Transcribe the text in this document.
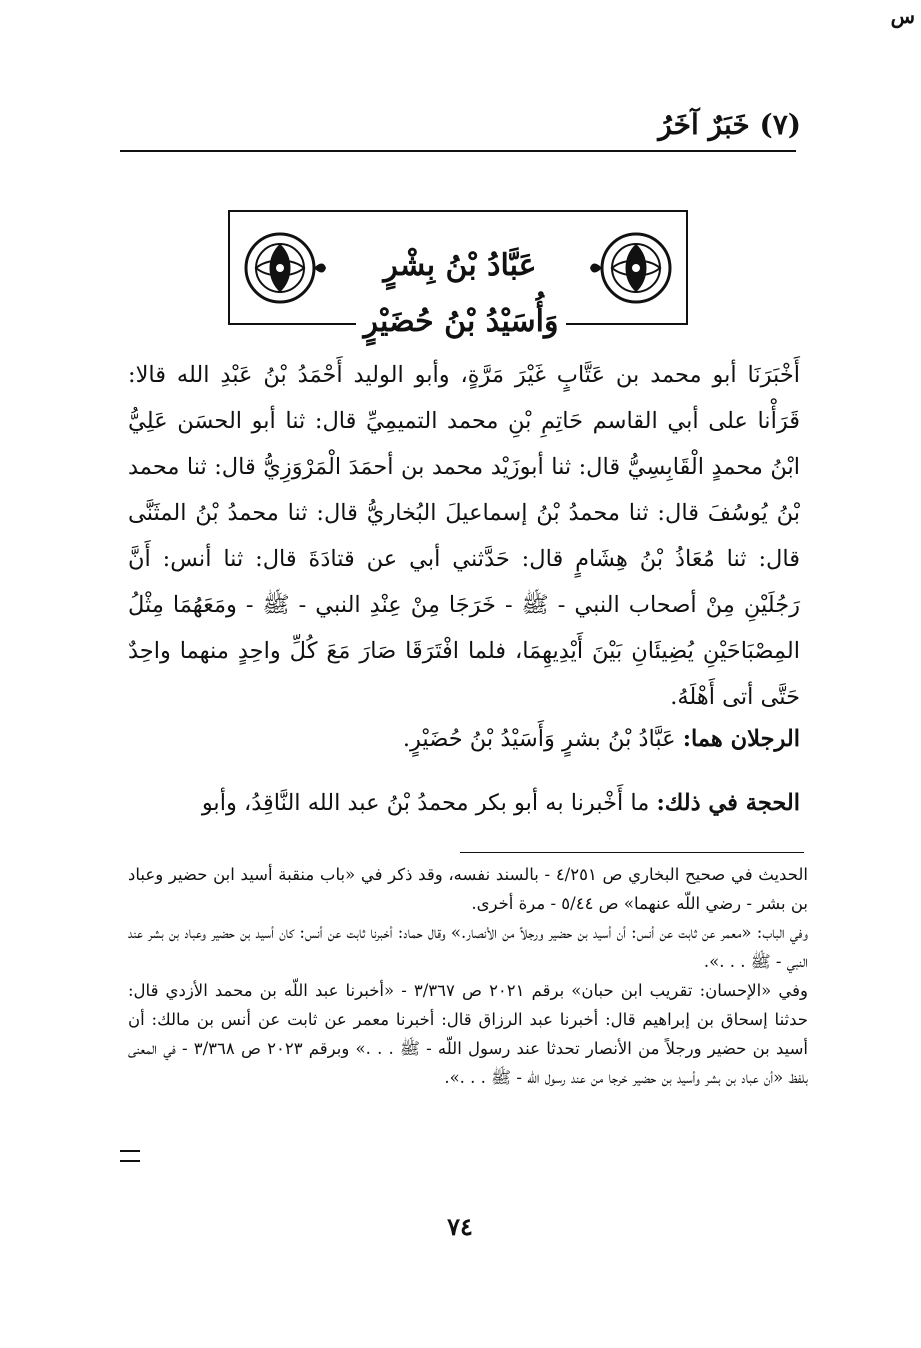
س
(٧) خَبَرٌ آخَرُ
عَبَّادُ بْنُ بِشْرٍ
وَأُسَيْدُ بْنُ حُضَيْرٍ

أَخْبَرَنَا أبو محمد بن عَتَّابٍ غَيْرَ مَرَّةٍ، وأبو الوليد أَحْمَدُ بْنُ عَبْدِ الله قالا: قَرَأْنا على أبي القاسم حَاتِمِ بْنِ محمد التميمِيِّ قال: ثنا أبو الحسَن عَلِيُّ ابْنُ محمدٍ الْقَابِسِيُّ قال: ثنا أبوزَيْد محمد بن أحمَدَ الْمَرْوَزِيُّ قال: ثنا محمد بْنُ يُوسُفَ قال: ثنا محمدُ بْنُ إسماعيلَ البُخاريُّ قال: ثنا محمدُ بْنُ المثَنَّى قال: ثنا مُعَاذُ بْنُ هِشَامٍ قال: حَدَّثني أبي عن قتادَةَ قال: ثنا أنس: أَنَّ رَجُلَيْنِ مِنْ أصحاب النبي - ﷺ - خَرَجَا مِنْ عِنْدِ النبي - ﷺ - ومَعَهُمَا مِثْلُ المِصْبَاحَيْنِ يُضِيئَانِ بَيْنَ أَيْدِيهِمَا، فلما افْتَرَقَا صَارَ مَعَ كُلِّ واحِدٍ منهما واحِدٌ حَتَّى أتى أَهْلَهُ.

الرجلان هما: عَبَّادُ بْنُ بشرٍ وَأَسَيْدُ بْنُ حُضَيْرٍ.
الحجة في ذلك: ما أَخْبرنا به أبو بكر محمدُ بْنُ عبد الله النَّاقِدُ، وأبو

الحديث في صحيح البخاري ص ٤/٢٥١ - بالسند نفسه، وقد ذكر في «باب منقبة أسيد ابن حضير وعباد بن بشر - رضي اللّه عنهما» ص ٥/٤٤ - مرة أخرى.

وفي الباب: «معمر عن ثابت عن أنس: أن أسيد بن حضير ورجلاً من الأنصار.» وقال حماد: أخبرنا ثابت عن أنس: كان أسيد بن حضير وعباد بن بشر عند النبي - ﷺ . . .».

وفي «الإحسان: تقريب ابن حبان» برقم ٢٠٢١ ص ٣/٣٦٧ - «أخبرنا عبد اللّه بن محمد الأزدي قال: حدثنا إسحاق بن إبراهيم قال: أخبرنا عبد الرزاق قال: أخبرنا معمر عن ثابت عن أنس بن مالك: أن أسيد بن حضير ورجلاً من الأنصار تحدثا عند رسول اللّه - ﷺ . . .» وبرقم ٢٠٢٣ ص ٣/٣٦٨ - في المعنى بلفظ «أن عباد بن بشر وأسيد بن حضير خرجا من عند رسول اللّه - ﷺ . . .».

٧٤
